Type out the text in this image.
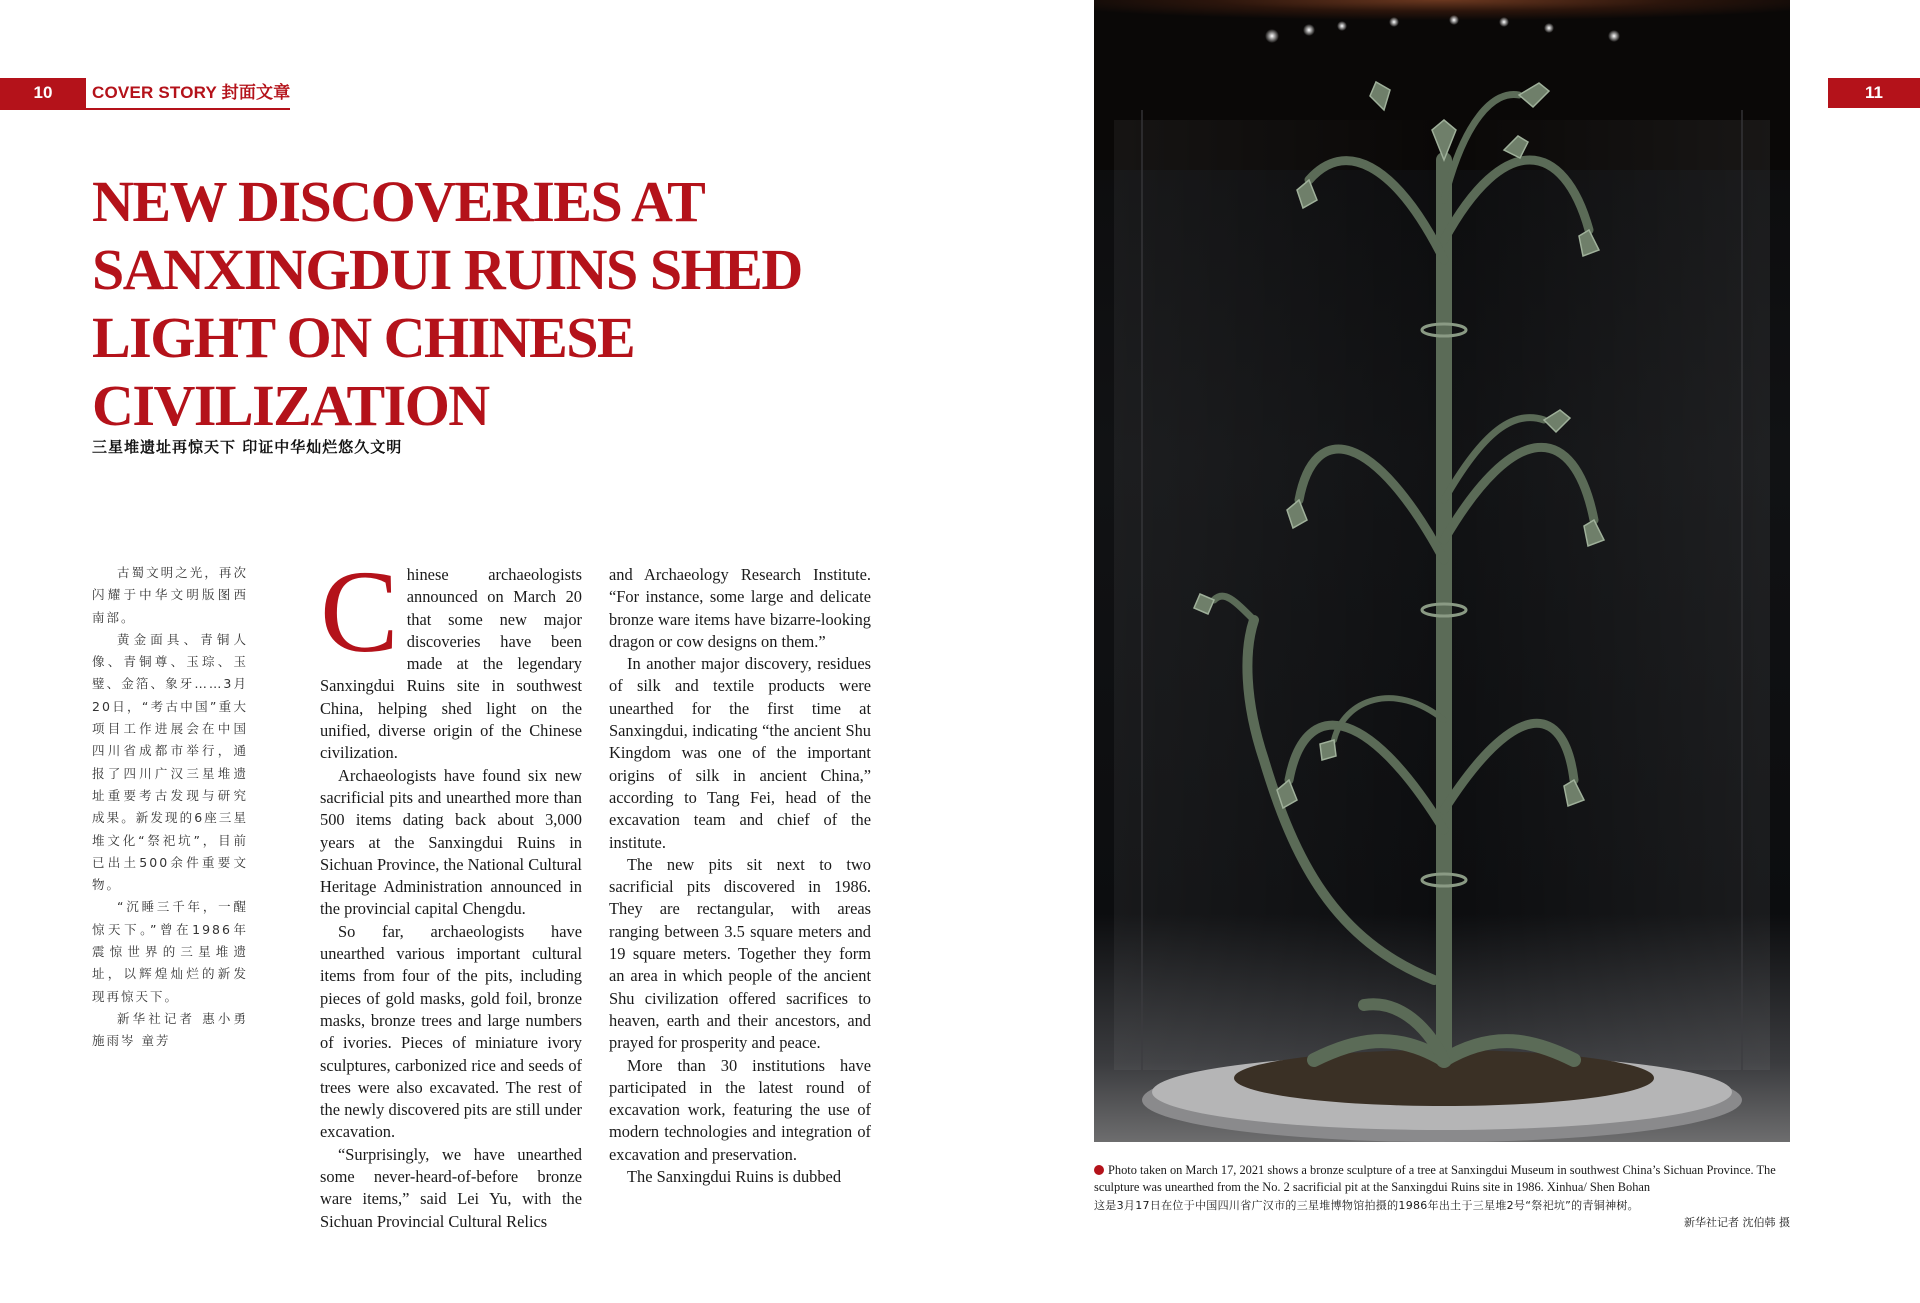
10	COVER STORY 封面文章
NEW DISCOVERIES AT SANXINGDUI RUINS SHED LIGHT ON CHINESE CIVILIZATION
三星堆遗址再惊天下 印证中华灿烂悠久文明

古蜀文明之光，再次闪耀于中华文明版图西南部。

黄金面具、青铜人像、青铜尊、玉琮、玉璧、金箔、象牙……3月20日，“考古中国”重大项目工作进展会在中国四川省成都市举行，通报了四川广汉三星堆遗址重要考古发现与研究成果。新发现的6座三星堆文化“祭祀坑”，目前已出土500余件重要文物。

“沉睡三千年，一醒惊天下。”曾在1986年震惊世界的三星堆遗址，以辉煌灿烂的新发现再惊天下。

新华社记者 惠小勇 施雨岑 童芳

Chinese archaeologists announced on March 20 that some new major discoveries have been made at the legendary Sanxingdui Ruins site in southwest China, helping shed light on the unified, diverse origin of the Chinese civilization.

Archaeologists have found six new sacrificial pits and unearthed more than 500 items dating back about 3,000 years at the Sanxingdui Ruins in Sichuan Province, the National Cultural Heritage Administration announced in the provincial capital Chengdu.

So far, archaeologists have unearthed various important cultural items from four of the pits, including pieces of gold masks, gold foil, bronze masks, bronze trees and large numbers of ivories. Pieces of miniature ivory sculptures, carbonized rice and seeds of trees were also excavated. The rest of the newly discovered pits are still under excavation.

“Surprisingly, we have unearthed some never-heard-of-before bronze ware items,” said Lei Yu, with the Sichuan Provincial Cultural Relics

and Archaeology Research Institute. “For instance, some large and delicate bronze ware items have bizarre-looking dragon or cow designs on them.”

In another major discovery, residues of silk and textile products were unearthed for the first time at Sanxingdui, indicating “the ancient Shu Kingdom was one of the important origins of silk in ancient China,” according to Tang Fei, head of the excavation team and chief of the institute.

The new pits sit next to two sacrificial pits discovered in 1986. They are rectangular, with areas ranging between 3.5 square meters and 19 square meters. Together they form an area in which people of the ancient Shu civilization offered sacrifices to heaven, earth and their ancestors, and prayed for prosperity and peace.

More than 30 institutions have participated in the latest round of excavation work, featuring the use of modern technologies and integration of excavation and preservation.

The Sanxingdui Ruins is dubbed

11
Photo taken on March 17, 2021 shows a bronze sculpture of a tree at Sanxingdui Museum in southwest China’s Sichuan Province. The sculpture was unearthed from the No. 2 sacrificial pit at the Sanxingdui Ruins site in 1986. Xinhua/ Shen Bohan
这是3月17日在位于中国四川省广汉市的三星堆博物馆拍摄的1986年出土于三星堆2号“祭祀坑”的青铜神树。
新华社记者 沈伯韩 摄
